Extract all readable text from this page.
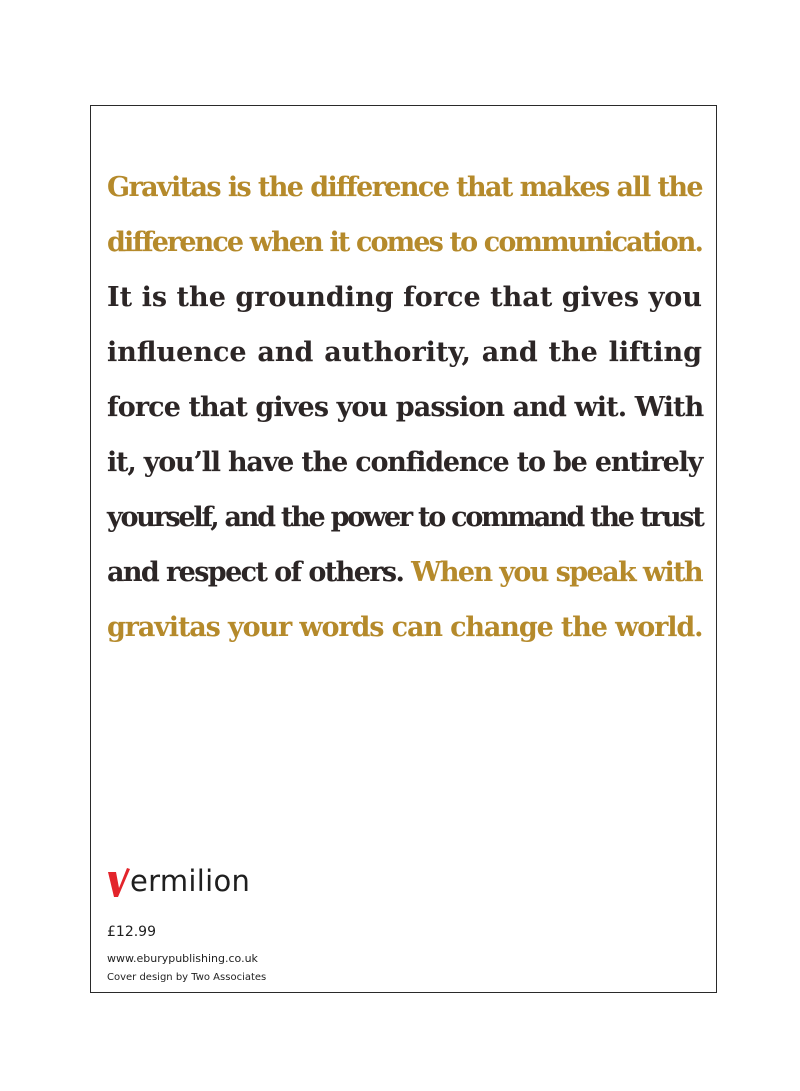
Gravitas is the difference that makes all the
difference when it comes to communication.
It is the grounding force that gives you
influence and authority, and the lifting
force that gives you passion and wit. With
it, you’ll have the confidence to be entirely
yourself, and the power to command the trust
and respect of others. When you speak with
gravitas your words can change the world.
ermilion
£12.99
www.eburypublishing.co.uk
Cover design by Two Associates
